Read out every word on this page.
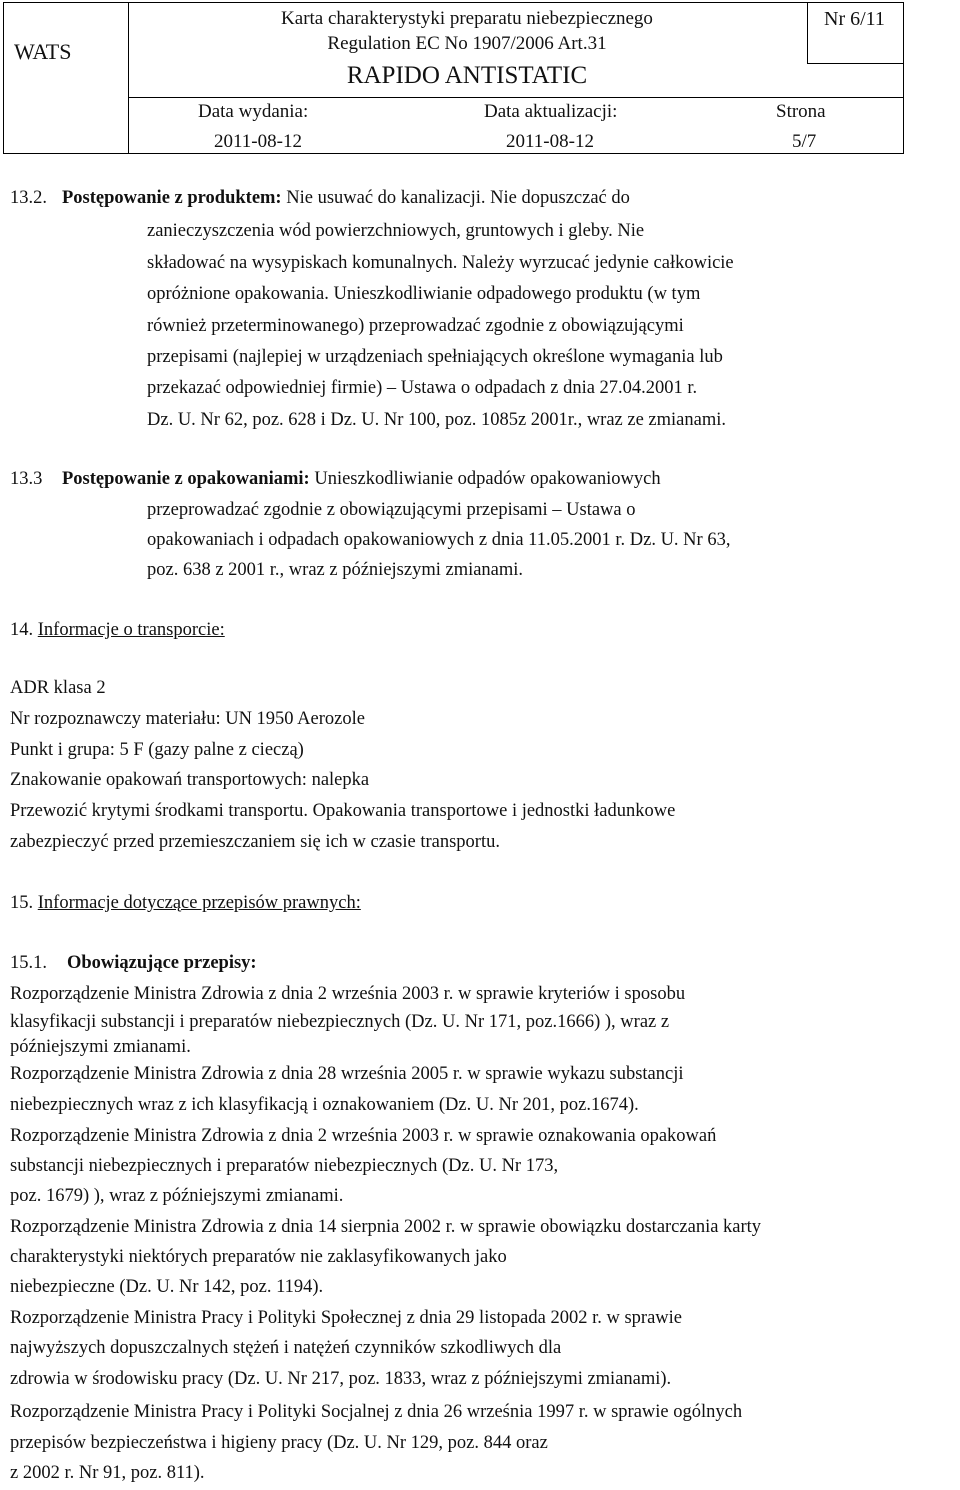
WATS
Karta charakterystyki preparatu niebezpiecznego
Regulation EC No 1907/2006 Art.31
RAPIDO ANTISTATIC
Nr 6/11
Data wydania:	Data aktualizacji:	Strona
2011-08-12	2011-08-12	5/7
13.2. Postępowanie z produktem: Nie usuwać do kanalizacji. Nie dopuszczać do
zanieczyszczenia wód powierzchniowych, gruntowych i gleby. Nie
składować na wysypiskach komunalnych. Należy wyrzucać jedynie całkowicie
opróżnione opakowania. Unieszkodliwianie odpadowego produktu (w tym
również przeterminowanego) przeprowadzać zgodnie z obowiązującymi
przepisami (najlepiej w urządzeniach spełniających określone wymagania lub
przekazać odpowiedniej firmie) ‒ Ustawa o odpadach z dnia 27.04.2001 r.
Dz. U. Nr 62, poz. 628 i Dz. U. Nr 100, poz. 1085z 2001r., wraz ze zmianami.
13.3 Postępowanie z opakowaniami: Unieszkodliwianie odpadów opakowaniowych
przeprowadzać zgodnie z obowiązującymi przepisami ‒ Ustawa o
opakowaniach i odpadach opakowaniowych z dnia 11.05.2001 r. Dz. U. Nr 63,
poz. 638 z 2001 r., wraz z późniejszymi zmianami.
14. Informacje o transporcie:
ADR klasa 2
Nr rozpoznawczy materiału: UN 1950 Aerozole
Punkt i grupa: 5 F (gazy palne z cieczą)
Znakowanie opakowań transportowych: nalepka
Przewozić krytymi środkami transportu. Opakowania transportowe i jednostki ładunkowe
zabezpieczyć przed przemieszczaniem się ich w czasie transportu.
15. Informacje dotyczące przepisów prawnych:
15.1. Obowiązujące przepisy:
Rozporządzenie Ministra Zdrowia z dnia 2 września 2003 r. w sprawie kryteriów i sposobu
klasyfikacji substancji i preparatów niebezpiecznych (Dz. U. Nr 171, poz.1666) ), wraz z
późniejszymi zmianami.
Rozporządzenie Ministra Zdrowia z dnia 28 września 2005 r. w sprawie wykazu substancji
niebezpiecznych wraz z ich klasyfikacją i oznakowaniem (Dz. U. Nr 201, poz.1674).
Rozporządzenie Ministra Zdrowia z dnia 2 września 2003 r. w sprawie oznakowania opakowań
substancji niebezpiecznych i preparatów niebezpiecznych (Dz. U. Nr 173,
poz. 1679) ), wraz z późniejszymi zmianami.
Rozporządzenie Ministra Zdrowia z dnia 14 sierpnia 2002 r. w sprawie obowiązku dostarczania karty
charakterystyki niektórych preparatów nie zaklasyfikowanych jako
niebezpieczne (Dz. U. Nr 142, poz. 1194).
Rozporządzenie Ministra Pracy i Polityki Społecznej z dnia 29 listopada 2002 r. w sprawie
najwyższych dopuszczalnych stężeń i natężeń czynników szkodliwych dla
zdrowia w środowisku pracy (Dz. U. Nr 217, poz. 1833, wraz z późniejszymi zmianami).
Rozporządzenie Ministra Pracy i Polityki Socjalnej z dnia 26 września 1997 r. w sprawie ogólnych
przepisów bezpieczeństwa i higieny pracy (Dz. U. Nr 129, poz. 844 oraz
z 2002 r. Nr 91, poz. 811).
